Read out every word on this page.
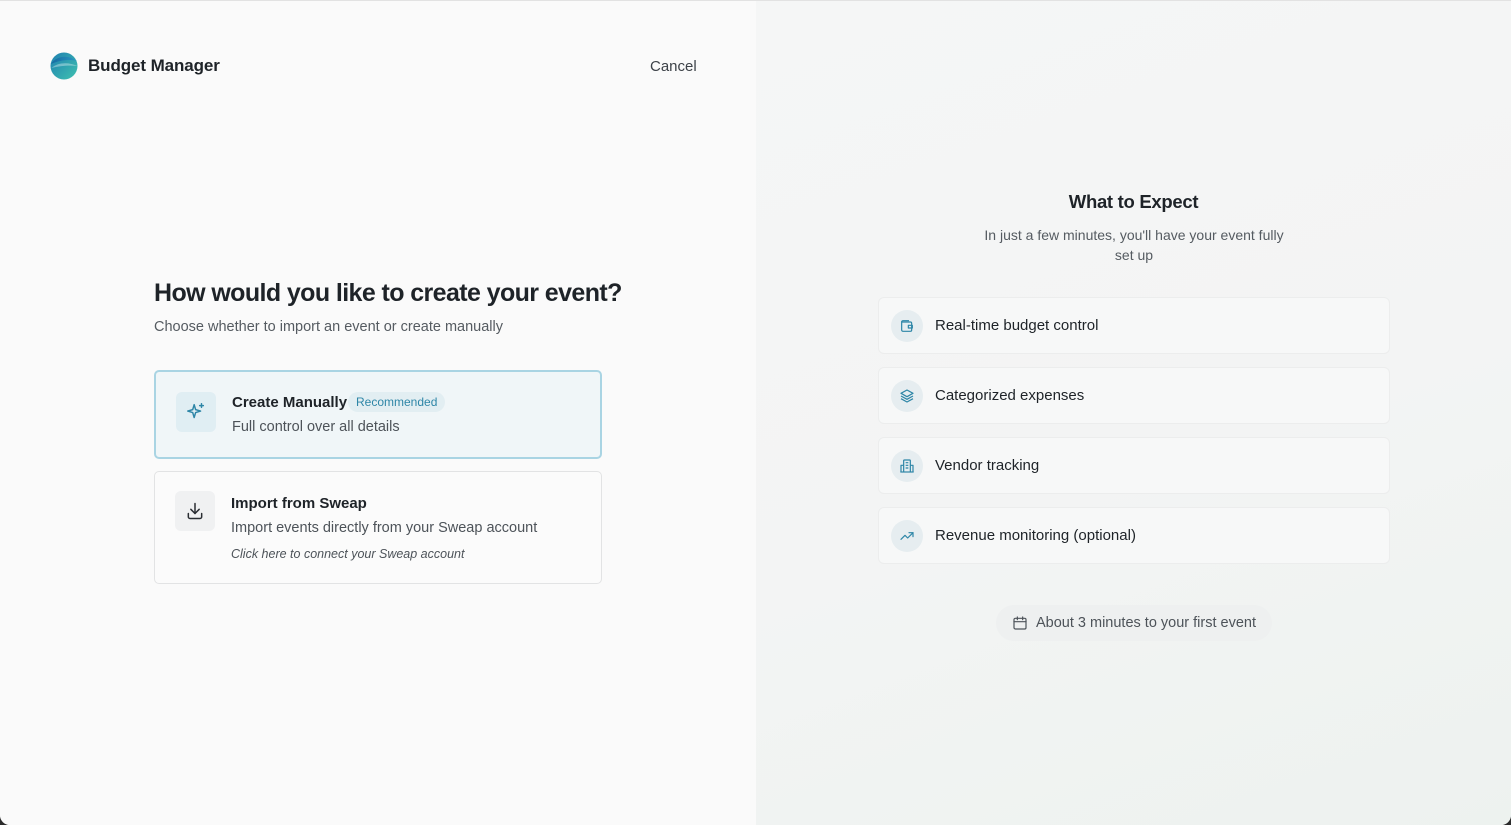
Budget Manager	Cancel
How would you like to create your event?

Choose whether to import an event or create manually

Create Manually Recommended
Full control over all details
Import from Sweap
Import events directly from your Sweap account
Click here to connect your Sweap account
What to Expect

In just a few minutes, you'll have your event fully set up

Real-time budget control
Categorized expenses
Vendor tracking
Revenue monitoring (optional)
About 3 minutes to your first event
